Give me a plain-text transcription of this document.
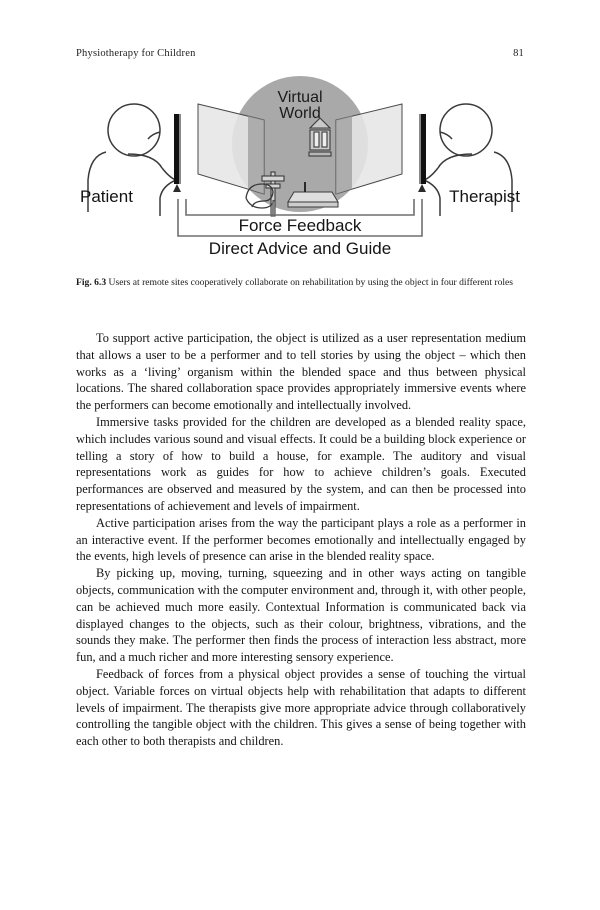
Physiotherapy for Children	81
Virtual
World
Patient	Therapist
Force Feedback
Direct Advice and Guide
Fig. 6.3 Users at remote sites cooperatively collaborate on rehabilitation by using the object in four different roles

To support active participation, the object is utilized as a user representation medium that allows a user to be a performer and to tell stories by using the object – which then works as a ‘living’ organism within the blended space and thus between physical locations. The shared collaboration space provides appropriately immersive events where the performers can become emotionally and intellectually involved.

Immersive tasks provided for the children are developed as a blended reality space, which includes various sound and visual effects. It could be a building block experience or telling a story of how to build a house, for example. The auditory and visual representations work as guides for how to achieve children’s goals. Executed performances are observed and measured by the system, and can then be processed into representations of achievement and levels of impairment.

Active participation arises from the way the participant plays a role as a performer in an interactive event. If the performer becomes emotionally and intellectually engaged by the events, high levels of presence can arise in the blended reality space.

By picking up, moving, turning, squeezing and in other ways acting on tangible objects, communication with the computer environment and, through it, with other people, can be achieved much more easily. Contextual Information is communicated back via displayed changes to the objects, such as their colour, brightness, vibrations, and the sounds they make. The performer then finds the process of interaction less abstract, more fun, and a much richer and more interesting sensory experience.

Feedback of forces from a physical object provides a sense of touching the virtual object. Variable forces on virtual objects help with rehabilitation that adapts to different levels of impairment. The therapists give more appropriate advice through collaboratively controlling the tangible object with the children. This gives a sense of being together with each other to both therapists and children.
